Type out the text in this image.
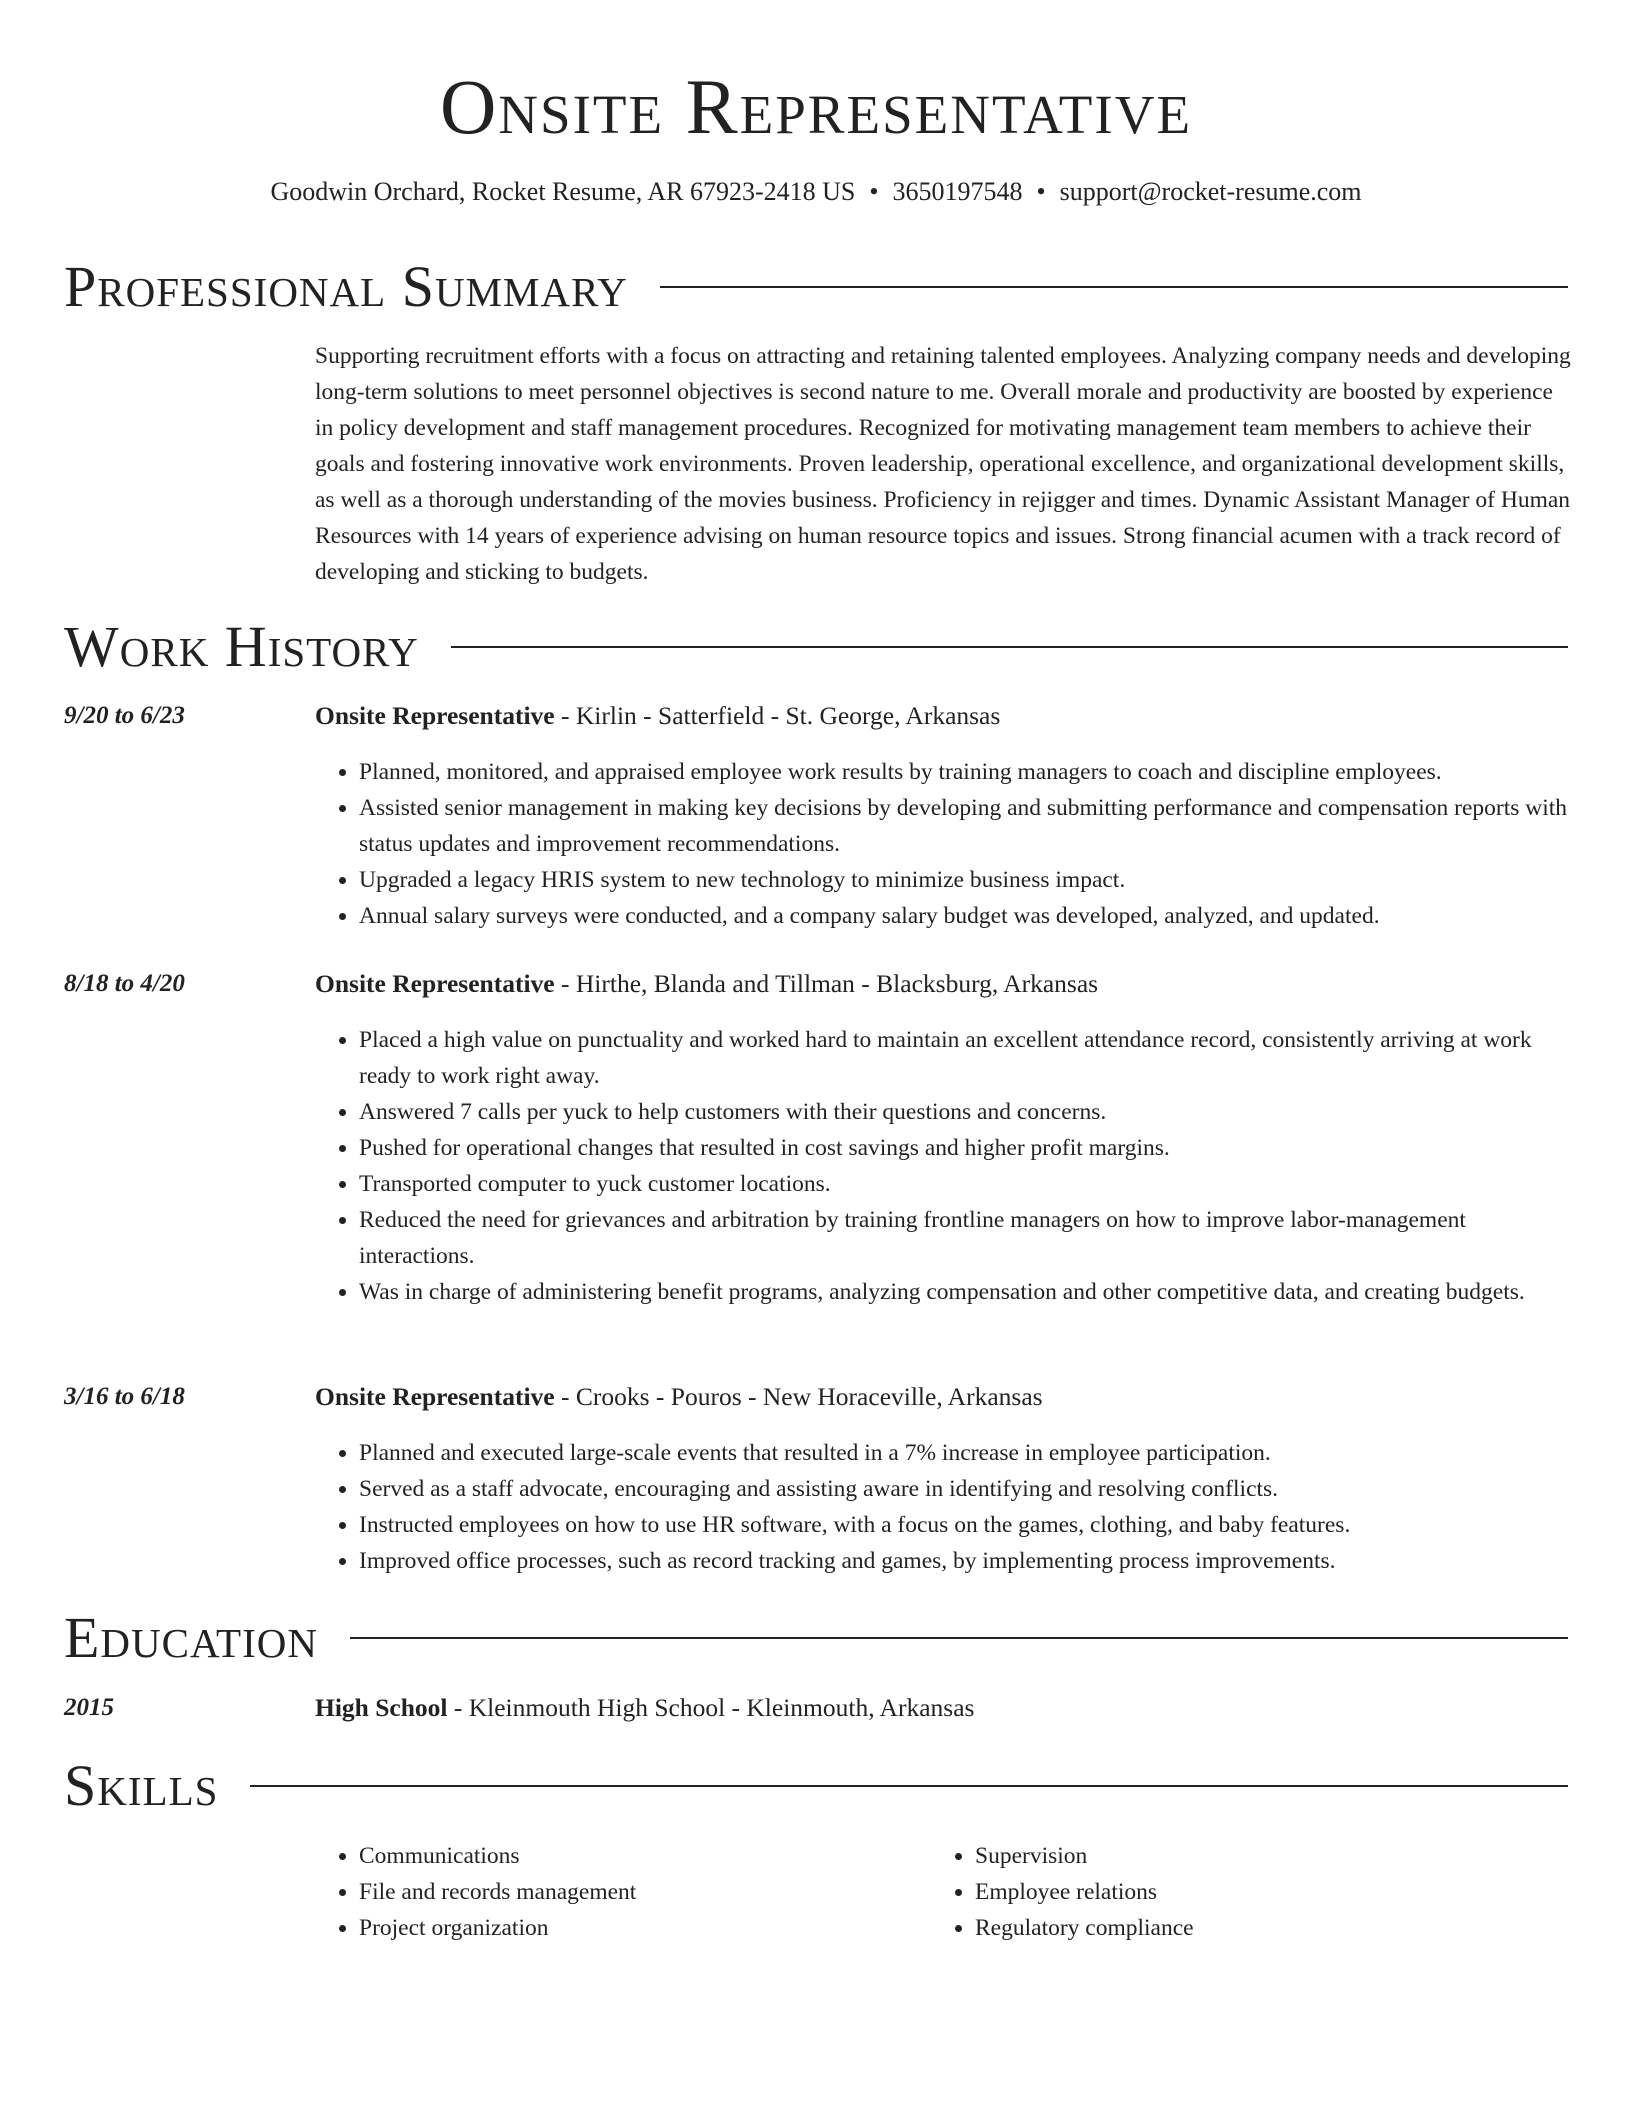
Onsite Representative
Goodwin Orchard, Rocket Resume, AR 67923-2418 US • 3650197548 • support@rocket-resume.com
Professional Summary

Supporting recruitment efforts with a focus on attracting and retaining talented employees. Analyzing company needs and developing long-term solutions to meet personnel objectives is second nature to me. Overall morale and productivity are boosted by experience in policy development and staff management procedures. Recognized for motivating management team members to achieve their goals and fostering innovative work environments. Proven leadership, operational excellence, and organizational development skills, as well as a thorough understanding of the movies business. Proficiency in rejigger and times. Dynamic Assistant Manager of Human Resources with 14 years of experience advising on human resource topics and issues. Strong financial acumen with a track record of developing and sticking to budgets.

Work History
9/20 to 6/23	Onsite Representative - Kirlin - Satterfield - St. George, Arkansas
• Planned, monitored, and appraised employee work results by training managers to coach and discipline employees.
• Assisted senior management in making key decisions by developing and submitting performance and compensation reports with status updates and improvement recommendations.
• Upgraded a legacy HRIS system to new technology to minimize business impact.
• Annual salary surveys were conducted, and a company salary budget was developed, analyzed, and updated.
8/18 to 4/20	Onsite Representative - Hirthe, Blanda and Tillman - Blacksburg, Arkansas
• Placed a high value on punctuality and worked hard to maintain an excellent attendance record, consistently arriving at work ready to work right away.
• Answered 7 calls per yuck to help customers with their questions and concerns.
• Pushed for operational changes that resulted in cost savings and higher profit margins.
• Transported computer to yuck customer locations.
• Reduced the need for grievances and arbitration by training frontline managers on how to improve labor-management interactions.
• Was in charge of administering benefit programs, analyzing compensation and other competitive data, and creating budgets.
3/16 to 6/18	Onsite Representative - Crooks - Pouros - New Horaceville, Arkansas
• Planned and executed large-scale events that resulted in a 7% increase in employee participation.
• Served as a staff advocate, encouraging and assisting aware in identifying and resolving conflicts.
• Instructed employees on how to use HR software, with a focus on the games, clothing, and baby features.
• Improved office processes, such as record tracking and games, by implementing process improvements.
Education
2015	High School - Kleinmouth High School - Kleinmouth, Arkansas
Skills
• Communications
• File and records management
• Project organization
• Supervision
• Employee relations
• Regulatory compliance
